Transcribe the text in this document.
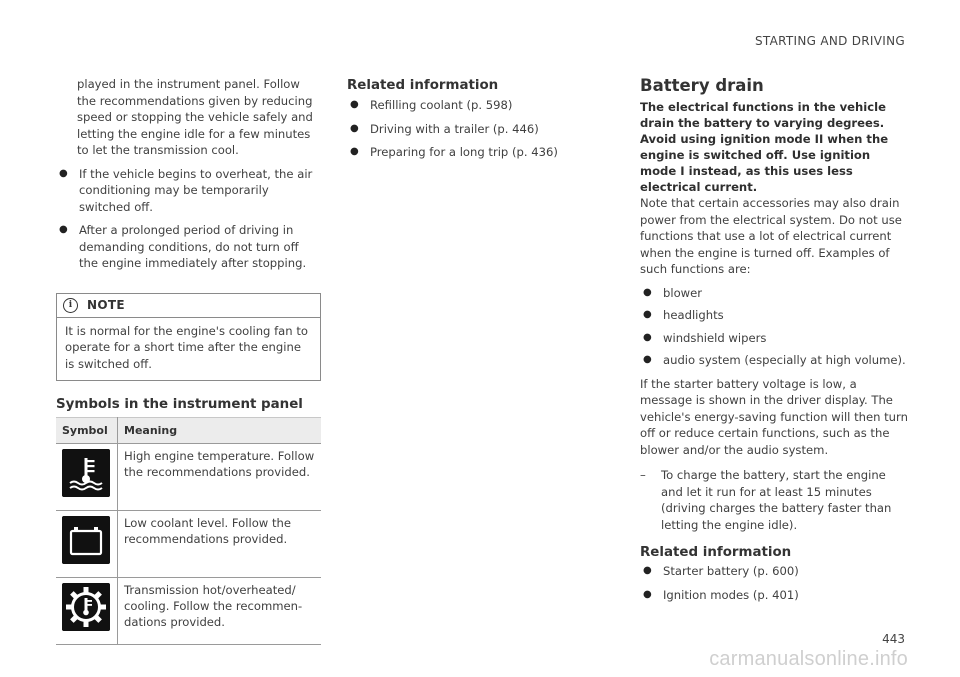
STARTING AND DRIVING

played in the instrument panel. Follow the recommendations given by reducing speed or stopping the vehicle safely and letting the engine idle for a few minutes to let the transmission cool.

● If the vehicle begins to overheat, the air conditioning may be temporarily switched off.
● After a prolonged period of driving in demanding conditions, do not turn off the engine immediately after stopping.
i	NOTE
It is normal for the engine's cooling fan to operate for a short time after the engine is switched off.
Symbols in the instrument panel
Symbol	Meaning

	High engine temperature. Follow the recommendations provided.

	Low coolant level. Follow the recommendations provided.

	Transmission hot/overheated/ cooling. Follow the recommen- dations provided.
Related information
● Refilling coolant (p. 598)
● Driving with a trailer (p. 446)
● Preparing for a long trip (p. 436)
Battery drain

The electrical functions in the vehicle drain the battery to varying degrees. Avoid using ignition mode II when the engine is switched off. Use ignition mode I instead, as this uses less electrical current.

Note that certain accessories may also drain power from the electrical system. Do not use functions that use a lot of electrical current when the engine is turned off. Examples of such functions are:

● blower
● headlights
● windshield wipers
● audio system (especially at high volume).

If the starter battery voltage is low, a message is shown in the driver display. The vehicle's energy-saving function will then turn off or reduce certain functions, such as the blower and/or the audio system.

– To charge the battery, start the engine and let it run for at least 15 minutes (driving charges the battery faster than letting the engine idle).
Related information
● Starter battery (p. 600)
● Ignition modes (p. 401)
443
carmanualsonline.info
